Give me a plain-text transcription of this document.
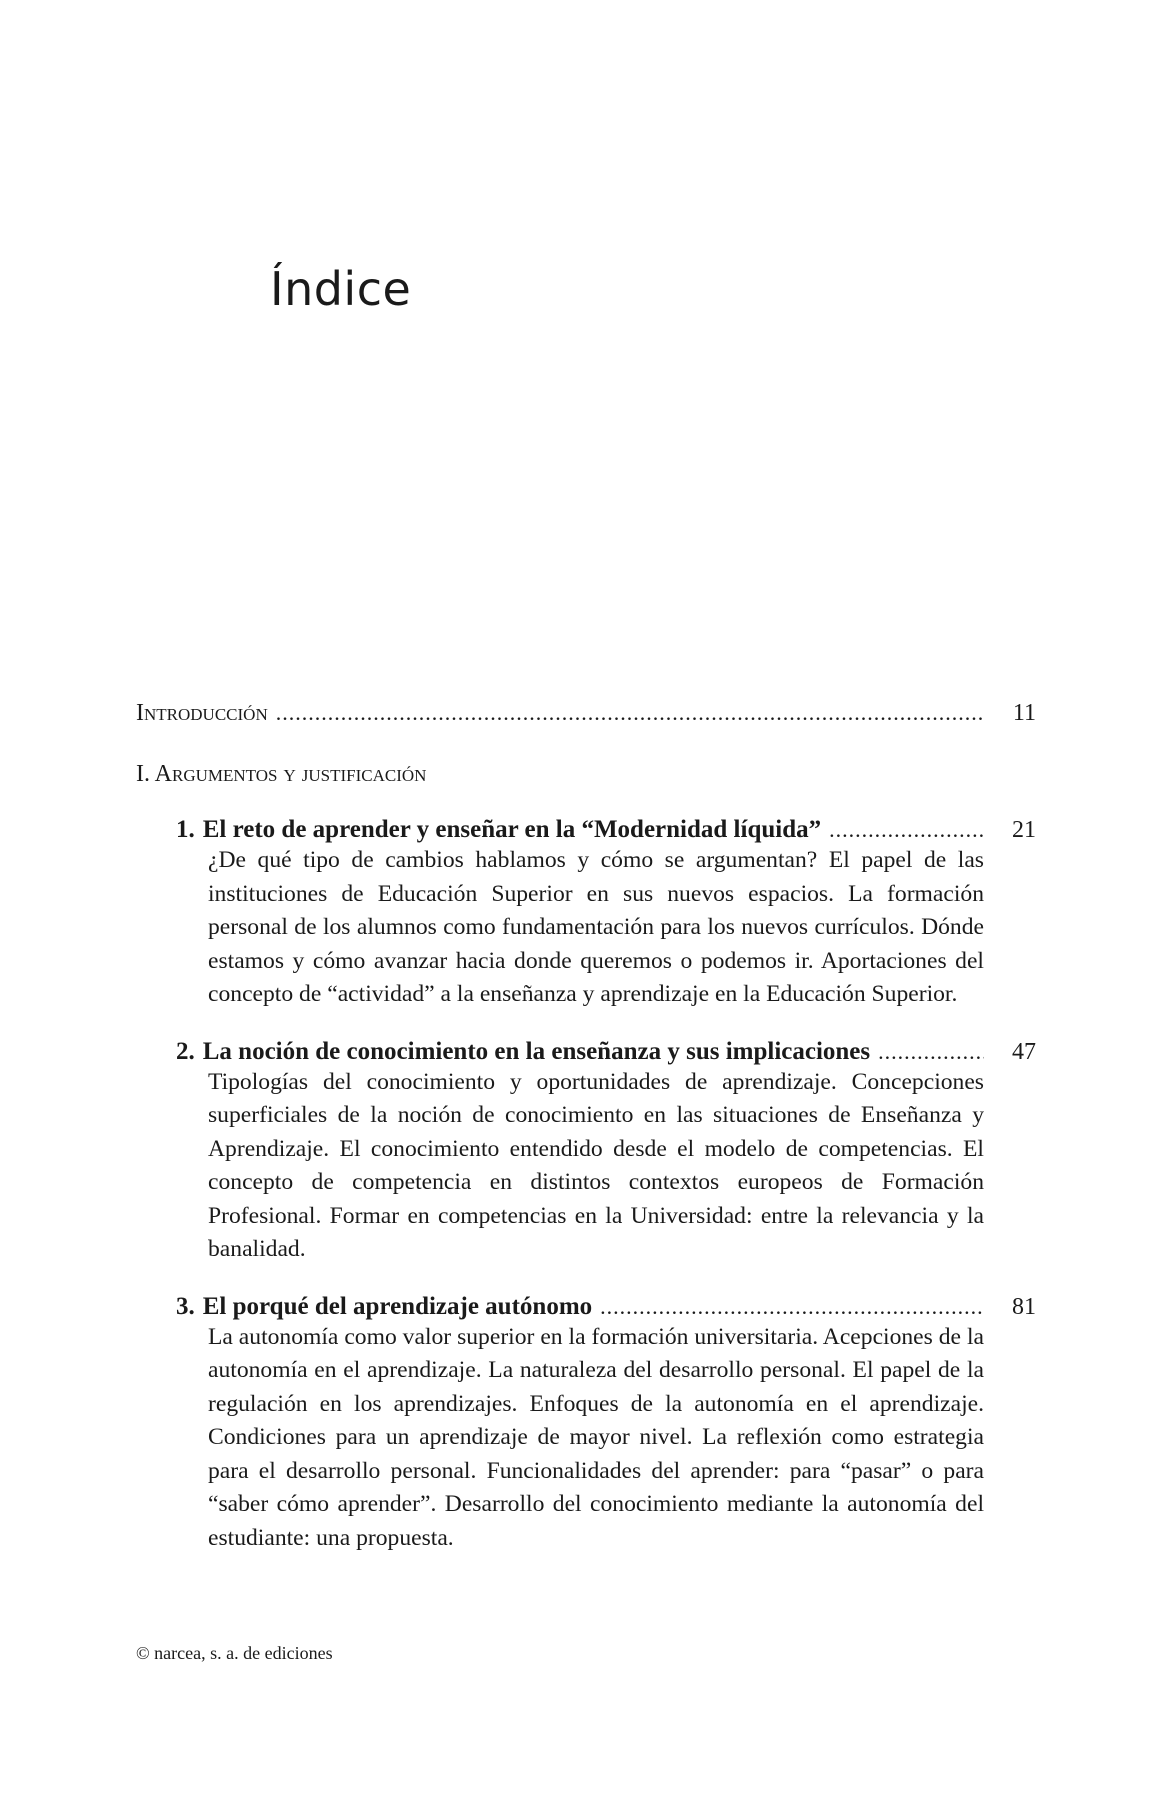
Índice
Introducción .....	11
I. Argumentos y justificación
1. El reto de aprender y enseñar en la “Modernidad líquida” .....	21
¿De qué tipo de cambios hablamos y cómo se argumentan? El papel de las instituciones de Educación Superior en sus nuevos espacios. La formación personal de los alumnos como fundamentación para los nuevos currículos. Dónde estamos y cómo avanzar hacia donde queremos o podemos ir. Aportaciones del concepto de “actividad” a la enseñanza y aprendizaje en la Educación Superior.
2. La noción de conocimiento en la enseñanza y sus implicaciones .....	47
Tipologías del conocimiento y oportunidades de aprendizaje. Concepciones superficiales de la noción de conocimiento en las situaciones de Enseñanza y Aprendizaje. El conocimiento entendido desde el modelo de competencias. El concepto de competencia en distintos contextos europeos de Formación Profesional. Formar en competencias en la Universidad: entre la relevancia y la banalidad.
3. El porqué del aprendizaje autónomo .....	81
La autonomía como valor superior en la formación universitaria. Acepciones de la autonomía en el aprendizaje. La naturaleza del desarrollo personal. El papel de la regulación en los aprendizajes. Enfoques de la autonomía en el aprendizaje. Condiciones para un aprendizaje de mayor nivel. La reflexión como estrategia para el desarrollo personal. Funcionalidades del aprender: para “pasar” o para “saber cómo aprender”. Desarrollo del conocimiento mediante la autonomía del estudiante: una propuesta.
© narcea, s. a. de ediciones
